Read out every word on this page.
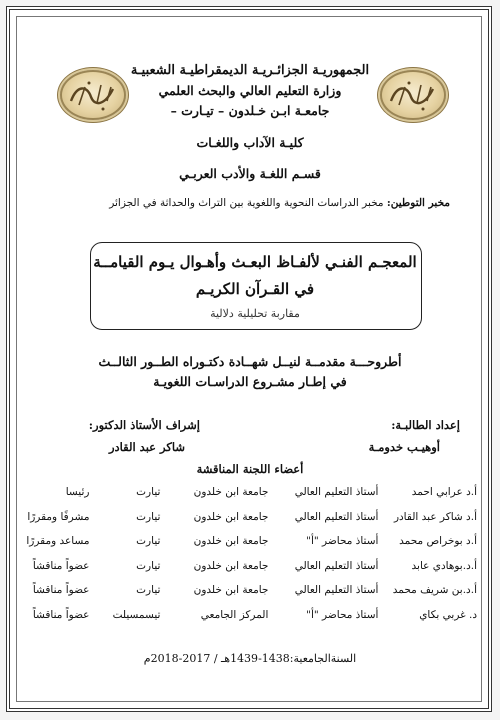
الجمهوريـة الجزائـريـة الديمقراطيـة الشعبيـة
وزارة التعليم العالي والبحث العلمي
جامعـة ابـن خـلدون – تيـارت –
كليـة الآداب واللغـات
قسـم اللغـة والأدب العربـي
مخبر التوطين: مخبر الدراسات النحوية واللغوية بين التراث والحداثة في الجزائر
المعجـم الفنـي لألفـاظ البعـث وأهـوال يـوم القيامــة
في القـرآن الكريـم
مقاربة تحليلية دلالية
أطروحـــة مقدمــة لنيــل شهــادة دكتـوراه الطــور الثالــث
في إطـار مشـروع الدراسـات اللغويـة
إعداد الطالبـة:
أوهيـب خدومـة
إشراف الأستاذ الدكتور:
شاكر عبد القادر
أعضاء اللجنة المناقشة
أ.د عرابي احمد	أستاذ التعليم العالي	جامعة ابن خلدون	تيارت	رئيسا
أ.د شاكر عبد القادر	أستاذ التعليم العالي	جامعة ابن خلدون	تيارت	مشرفًا ومقررًا
أ.د بوخراص محمد	أستاذ محاضر "أ"	جامعة ابن خلدون	تيارت	مساعد ومقررًا
أ.د.بوهادي عابد	أستاذ التعليم العالي	جامعة ابن خلدون	تيارت	عضواً مناقشاً
أ.د.بن شريف محمد	أستاذ التعليم العالي	جامعة ابن خلدون	تيارت	عضواً مناقشاً
د. غربي بكاي	أستاذ محاضر "أ"	المركز الجامعي	تيسمسيلت	عضواً مناقشاً
السنةالجامعية:1438-1439هـ / 2017-2018م
